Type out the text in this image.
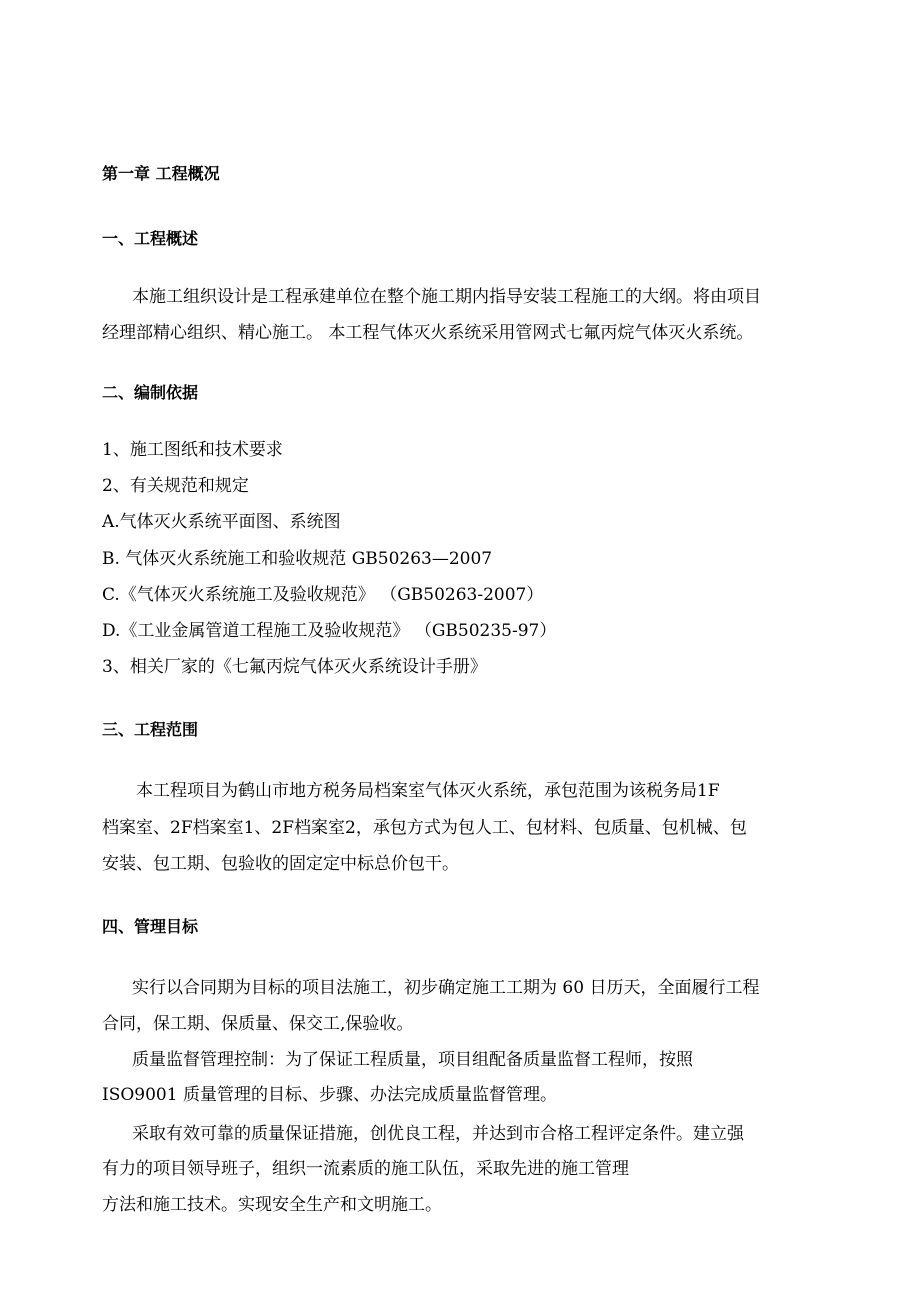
第一章 工程概况
一、工程概述
本施工组织设计是工程承建单位在整个施工期内指导安装工程施工的大纲。将由项目
经理部精心组织、精心施工。 本工程气体灭火系统采用管网式七氟丙烷气体灭火系统。
二、编制依据
1、施工图纸和技术要求
2、有关规范和规定
A.气体灭火系统平面图、系统图
B. 气体灭火系统施工和验收规范 GB50263—2007
C.《气体灭火系统施工及验收规范》 （GB50263-2007）
D.《工业金属管道工程施工及验收规范》 （GB50235-97）
3、相关厂家的《七氟丙烷气体灭火系统设计手册》
三、工程范围
本工程项目为鹤山市地方税务局档案室气体灭火系统，承包范围为该税务局1F
档案室、2F档案室1、2F档案室2，承包方式为包人工、包材料、包质量、包机械、包
安装、包工期、包验收的固定定中标总价包干。
四、管理目标
实行以合同期为目标的项目法施工，初步确定施工工期为 60 日历天，全面履行工程
合同，保工期、保质量、保交工,保验收。
质量监督管理控制：为了保证工程质量，项目组配备质量监督工程师，按照
ISO9001 质量管理的目标、步骤、办法完成质量监督管理。
采取有效可靠的质量保证措施，创优良工程，并达到市合格工程评定条件。建立强
有力的项目领导班子，组织一流素质的施工队伍，采取先进的施工管理
方法和施工技术。实现安全生产和文明施工。
